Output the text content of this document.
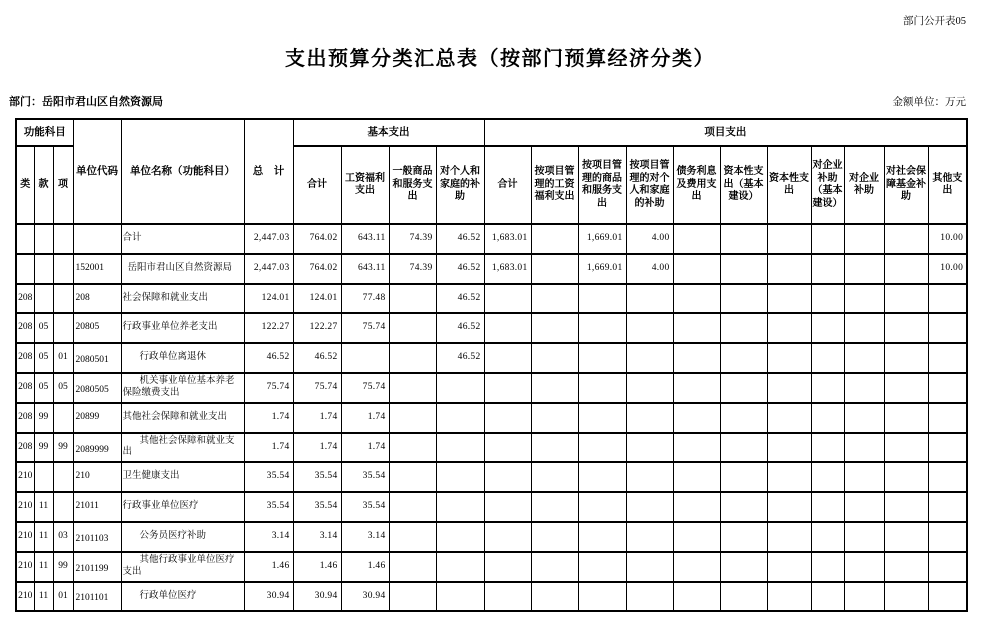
部门公开表05
支出预算分类汇总表（按部门预算经济分类）
部门：岳阳市君山区自然资源局	金额单位：万元
功能科目			单位代码	单位名称（功能科目）	总　计	基本支出				项目支出										
类	款	项				合计	工资福利支出	一般商品和服务支出	对个人和家庭的补助	合计	按项目管理的工资福利支出	按项目管理的商品和服务支出	按项目管理的对个人和家庭的补助	债务利息及费用支出	资本性支出（基本建设）	资本性支出	对企业补助（基本建设）	对企业补助	对社会保障基金补助	其他支出
				合计	2,447.03	764.02	643.11	74.39	46.52	1,683.01		1,669.01	4.00							10.00
			152001	岳阳市君山区自然资源局	2,447.03	764.02	643.11	74.39	46.52	1,683.01		1,669.01	4.00							10.00
208			208	社会保障和就业支出	124.01	124.01	77.48		46.52											
208	05		20805	行政事业单位养老支出	122.27	122.27	75.74		46.52											
208	05	01	2080501	行政单位离退休	46.52	46.52			46.52											
208	05	05	2080505	机关事业单位基本养老保险缴费支出	75.74	75.74	75.74													
208	99		20899	其他社会保障和就业支出	1.74	1.74	1.74													
208	99	99	2089999	其他社会保障和就业支出	1.74	1.74	1.74													
210			210	卫生健康支出	35.54	35.54	35.54													
210	11		21011	行政事业单位医疗	35.54	35.54	35.54													
210	11	03	2101103	公务员医疗补助	3.14	3.14	3.14													
210	11	99	2101199	其他行政事业单位医疗支出	1.46	1.46	1.46													
210	11	01	2101101	行政单位医疗	30.94	30.94	30.94													
